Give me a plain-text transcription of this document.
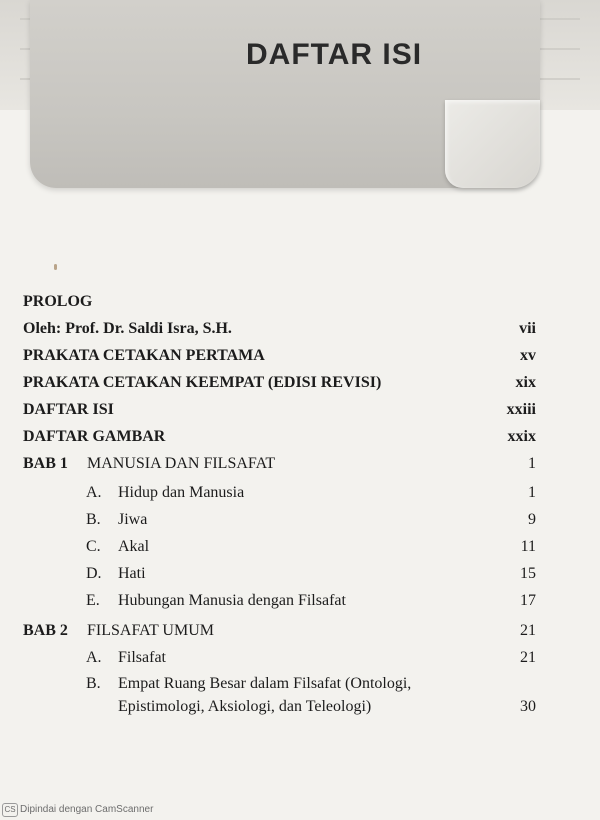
DAFTAR ISI
PROLOG
Oleh: Prof. Dr. Saldi Isra, S.H.	vii
PRAKATA CETAKAN PERTAMA	xv
PRAKATA CETAKAN KEEMPAT (EDISI REVISI)	xix
DAFTAR ISI	xxiii
DAFTAR GAMBAR	xxix
BAB 1 MANUSIA DAN FILSAFAT	1
A. Hidup dan Manusia	1
B. Jiwa	9
C. Akal	11
D. Hati	15
E. Hubungan Manusia dengan Filsafat	17
BAB 2 FILSAFAT UMUM	21
A. Filsafat	21
B. Empat Ruang Besar dalam Filsafat (Ontologi,
Epistimologi, Aksiologi, dan Teleologi)	30
CS Dipindai dengan CamScanner
